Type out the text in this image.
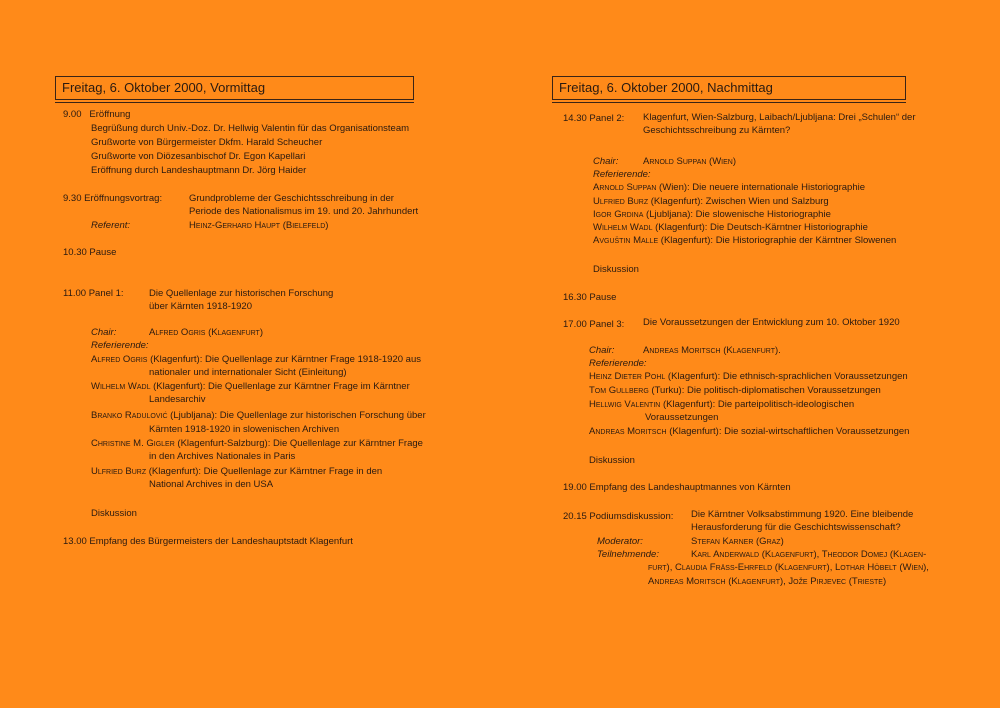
Freitag, 6. Oktober 2000, Vormittag
9.00 Eröffnung
Begrüßung durch Univ.-Doz. Dr. Hellwig Valentin für das Organisationsteam
Grußworte von Bürgermeister Dkfm. Harald Scheucher
Grußworte von Diözesanbischof Dr. Egon Kapellari
Eröffnung durch Landeshauptmann Dr. Jörg Haider
9.30 Eröffnungsvortrag:	Grundprobleme der Geschichtsschreibung in der
Periode des Nationalismus im 19. und 20. Jahrhundert
Referent:	Heinz-Gerhard Haupt (Bielefeld)
10.30 Pause
11.00 Panel 1:	Die Quellenlage zur historischen Forschung
über Kärnten 1918-1920
Chair:	Alfred Ogris (Klagenfurt)
Referierende:
Alfred Ogris (Klagenfurt): Die Quellenlage zur Kärntner Frage 1918-1920 aus
nationaler und internationaler Sicht (Einleitung)
Wilhelm Wadl (Klagenfurt): Die Quellenlage zur Kärntner Frage im Kärntner
Landesarchiv
Branko Radulović (Ljubljana): Die Quellenlage zur historischen Forschung über
Kärnten 1918-1920 in slowenischen Archiven
Christine M. Gigler (Klagenfurt-Salzburg): Die Quellenlage zur Kärntner Frage
in den Archives Nationales in Paris
Ulfried Burz (Klagenfurt): Die Quellenlage zur Kärntner Frage in den
National Archives in den USA
Diskussion
13.00 Empfang des Bürgermeisters der Landeshauptstadt Klagenfurt
Freitag, 6. Oktober 2000, Nachmittag
14.30 Panel 2: Klagenfurt, Wien-Salzburg, Laibach/Ljubljana: Drei „Schulen“ der
Geschichtsschreibung zu Kärnten?
Chair:	Arnold Suppan (Wien)
Referierende:
Arnold Suppan (Wien): Die neuere internationale Historiographie
Ulfried Burz (Klagenfurt): Zwischen Wien und Salzburg
Igor Grdina (Ljubljana): Die slowenische Historiographie
Wilhelm Wadl (Klagenfurt): Die Deutsch-Kärntner Historiographie
Avguštin Malle (Klagenfurt): Die Historiographie der Kärntner Slowenen
Diskussion
16.30 Pause
17.00 Panel 3: Die Voraussetzungen der Entwicklung zum 10. Oktober 1920
Chair:	Andreas Moritsch (Klagenfurt).
Referierende:
Heinz Dieter Pohl (Klagenfurt): Die ethnisch-sprachlichen Voraussetzungen
Tom Gullberg (Turku): Die politisch-diplomatischen Voraussetzungen
Hellwig Valentin (Klagenfurt): Die parteipolitisch-ideologischen
Voraussetzungen
Andreas Moritsch (Klagenfurt): Die sozial-wirtschaftlichen Voraussetzungen
Diskussion
19.00 Empfang des Landeshauptmannes von Kärnten
20.15 Podiumsdiskussion: Die Kärntner Volksabstimmung 1920. Eine bleibende
Herausforderung für die Geschichtswissenschaft?
Moderator:	Stefan Karner (Graz)
Teilnehmende:	Karl Anderwald (Klagenfurt), Theodor Domej (Klagen-
furt), Claudia Fräss-Ehrfeld (Klagenfurt), Lothar Höbelt (Wien),
Andreas Moritsch (Klagenfurt), Jože Pirjevec (Trieste)
